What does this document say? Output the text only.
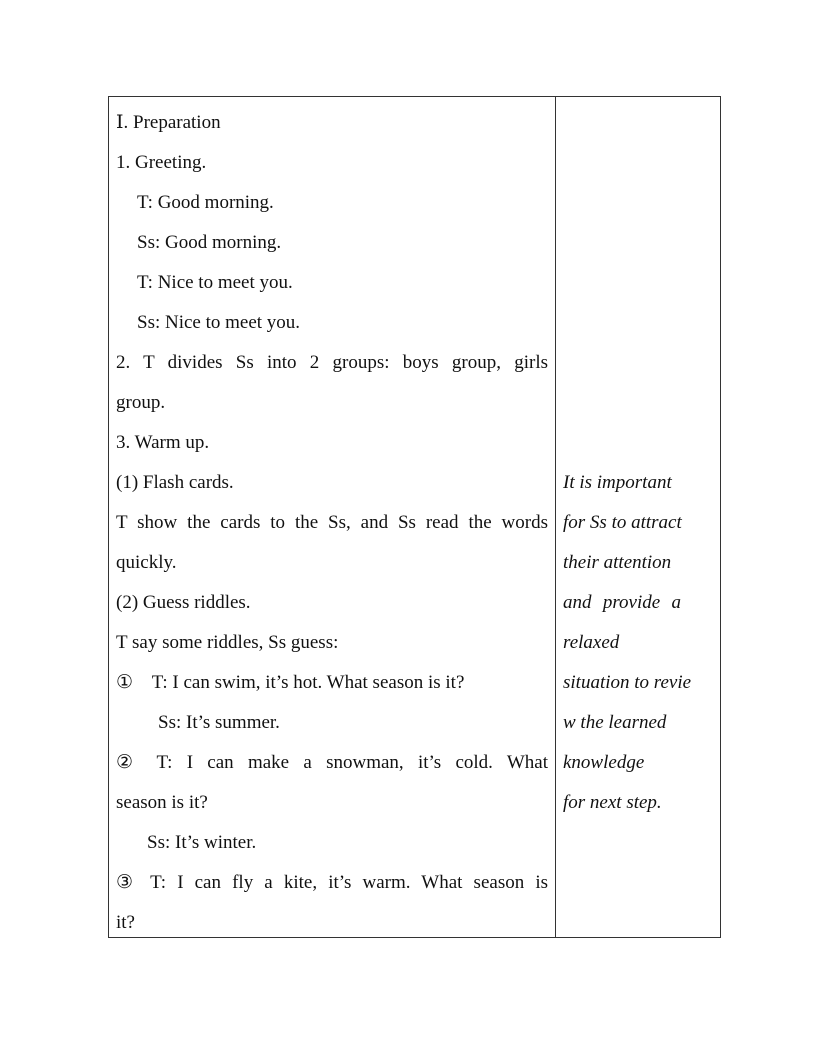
Ⅰ. Preparation
1. Greeting.
T: Good morning.
Ss: Good morning.
T: Nice to meet you.
Ss: Nice to meet you.
2. T divides Ss into 2 groups: boys group, girls
group.
3. Warm up.
(1) Flash cards.
T show the cards to the Ss, and Ss read the words
quickly.
(2) Guess riddles.
T say some riddles, Ss guess:
①    T: I can swim, it’s hot. What season is it?
Ss: It’s summer.
② T: I can make a snowman, it’s cold. What
season is it?
Ss: It’s winter.
③ T: I can fly a kite, it’s warm. What season is
it?
It is important
for Ss to attract
their attention
and provide a
relaxed
situation to revie
w the learned
knowledge
for next step.
